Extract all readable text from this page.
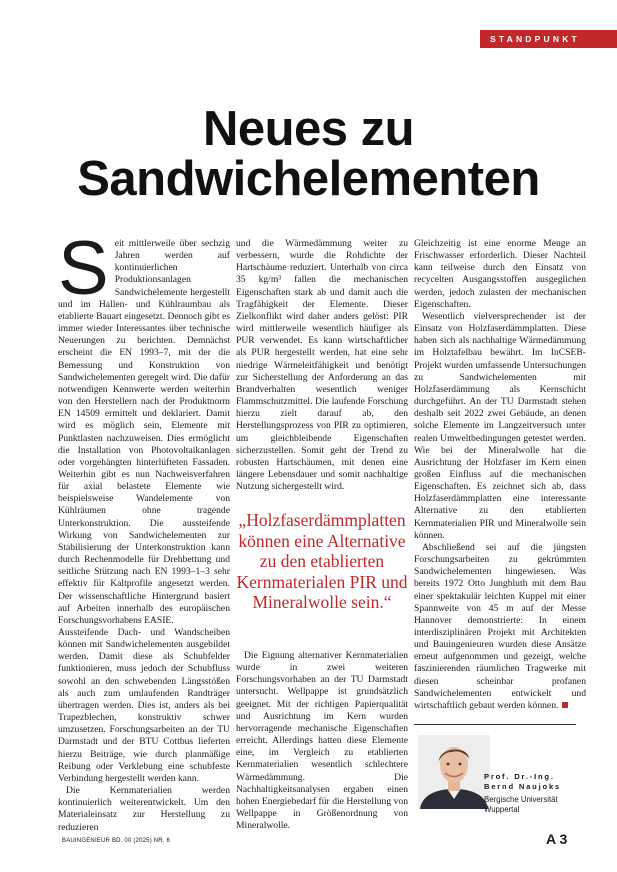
STANDPUNKT
Neues zu
Sandwichelementen

S eit mittlerweile über sechzig Jahren werden auf kontinuierlichen Produktionsanlagen Sandwichelemente hergestellt und im Hallen- und Kühlraumbau als etablierte Bauart eingesetzt. Dennoch gibt es immer wieder Interessantes über technische Neuerungen zu berichten. Demnächst erscheint die EN 1993–7, mit der die Bemessung und Konstruktion von Sandwichelementen geregelt wird. Die dafür notwendigen Kennwerte werden weiterhin von den Herstellern nach der Produktnorm EN 14509 ermittelt und deklariert. Damit wird es möglich sein, Elemente mit Punktlasten nachzuweisen. Dies ermöglicht die Installation von Photovoltaikanlagen oder vorgehängten hinterlüfteten Fassaden. Weiterhin gibt es nun Nachweisverfahren für axial belastete Elemente wie beispielsweise Wandelemente von Kühlräumen ohne tragende Unterkonstruktion. Die aussteifende Wirkung von Sandwichelementen zur Stabilisierung der Unterkonstruktion kann durch Rechenmodelle für Drehbettung und seitliche Stützung nach EN 1993–1–3 sehr effektiv für Kaltprofile angesetzt werden. Der wissenschaftliche Hintergrund basiert auf Arbeiten innerhalb des europäischen Forschungsvorhabens EASIE.

Aussteifende Dach- und Wandscheiben können mit Sandwichelementen ausgebildet werden. Damit diese als Schubfelder funktionieren, muss jedoch der Schubfluss sowohl an den schwebenden Längsstößen als auch zum umlaufenden Randträger übertragen werden. Dies ist, anders als bei Trapezblechen, konstruktiv schwer umzusetzen. Forschungsarbeiten an der TU Darmstadt und der BTU Cottbus lieferten hierzu Beiträge, wie durch planmäßige Reibung oder Verklebung eine schubfeste Verbindung hergestellt werden kann.

Die Kernmaterialien werden kontinuierlich weiterentwickelt. Um den Materialeinsatz zur Herstellung zu reduzieren

und die Wärmedämmung weiter zu verbessern, wurde die Rohdichte der Hartschäume reduziert. Unterhalb von circa 35 kg/m³ fallen die mechanischen Eigenschaften stark ab und damit auch die Tragfähigkeit der Elemente. Dieser Zielkonflikt wird daher anders gelöst: PIR wird mittlerweile wesentlich häufiger als PUR verwendet. Es kann wirtschaftlicher als PUR hergestellt werden, hat eine sehr niedrige Wärmeleitfähigkeit und benötigt zur Sicherstellung der Anforderung an das Brandverhalten wesentlich weniger Flammschutzmittel. Die laufende Forschung hierzu zielt darauf ab, den Herstellungsprozess von PIR zu optimieren, um gleichbleibende Eigenschaften sicherzustellen. Somit geht der Trend zu robusten Hartschäumen, mit denen eine längere Lebensdauer und somit nachhaltige Nutzung sichergestellt wird.

„Holzfaserdämmplatten können eine Alternative zu den etablierten Kernmaterialen PIR und Mineralwolle sein.“

Die Eignung alternativer Kernmaterialien wurde in zwei weiteren Forschungsvorhaben an der TU Darmstadt untersucht. Wellpappe ist grundsätzlich geeignet. Mit der richtigen Papierqualität und Ausrichtung im Kern wurden hervorragende mechanische Eigenschaften erreicht. Allerdings hatten diese Elemente eine, im Vergleich zu etablierten Kernmaterialien wesentlich schlechtere Wärmedämmung. Die Nachhaltigkeitsanalysen ergaben einen hohen Energiebedarf für die Herstellung von Wellpappe in Größenordnung von Mineralwolle.

Gleichzeitig ist eine enorme Menge an Frischwasser erforderlich. Dieser Nachteil kann teilweise durch den Einsatz von recycelten Ausgangsstoffen ausgeglichen werden, jedoch zulasten der mechanischen Eigenschaften.

Wesentlich vielversprechender ist der Einsatz von Holzfaserdämmplatten. Diese haben sich als nachhaltige Wärmedämmung im Holztafelbau bewährt. Im InCSEB-Projekt wurden umfassende Untersuchungen zu Sandwichelementen mit Holzfaserdämmung als Kernschicht durchgeführt. An der TU Darmstadt stehen deshalb seit 2022 zwei Gebäude, an denen solche Elemente im Langzeitversuch unter realen Umweltbedingungen getestet werden. Wie bei der Mineralwolle hat die Ausrichtung der Holzfaser im Kern einen großen Einfluss auf die mechanischen Eigenschaften. Es zeichnet sich ab, dass Holzfaserdämmplatten eine interessante Alternative zu den etablierten Kernmaterialien PIR und Mineralwolle sein können.

Abschließend sei auf die jüngsten Forschungsarbeiten zu gekrümmten Sandwichelementen hingewiesen. Was bereits 1972 Otto Jungbluth mit dem Bau einer spektakulär leichten Kuppel mit einer Spannweite von 45 m auf der Messe Hannover demonstrierte: In einem interdisziplinären Projekt mit Architekten und Bauingenieuren wurden diese Ansätze erneut aufgenommen und gezeigt, welche faszinierenden räumlichen Tragwerke mit diesen scheinbar profanen Sandwichelementen entwickelt und wirtschaftlich gebaut werden können.

Prof. Dr.-Ing.
Bernd Naujoks
Bergische Universität Wuppertal
BAUINGENIEUR BD. 00 (2025) NR. 6	A 3
